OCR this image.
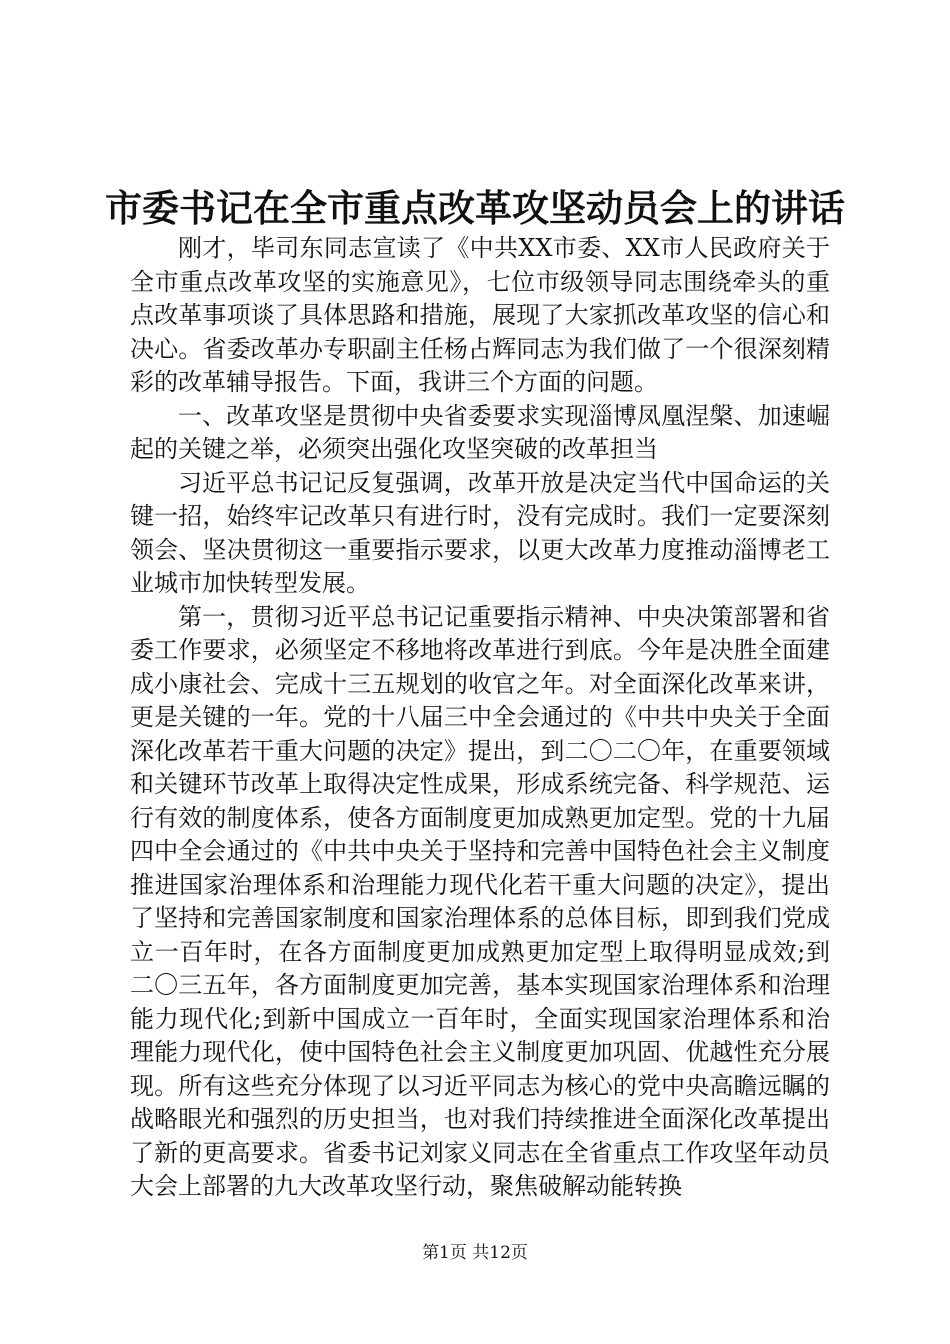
市委书记在全市重点改革攻坚动员会上的讲话

刚才，毕司东同志宣读了《中共XX市委、XX市人民政府关于全市重点改革攻坚的实施意见》，七位市级领导同志围绕牵头的重点改革事项谈了具体思路和措施，展现了大家抓改革攻坚的信心和决心。省委改革办专职副主任杨占辉同志为我们做了一个很深刻精彩的改革辅导报告。下面，我讲三个方面的问题。

一、改革攻坚是贯彻中央省委要求实现淄博凤凰涅槃、加速崛起的关键之举，必须突出强化攻坚突破的改革担当

习近平总书记记反复强调，改革开放是决定当代中国命运的关键一招，始终牢记改革只有进行时，没有完成时。我们一定要深刻领会、坚决贯彻这一重要指示要求，以更大改革力度推动淄博老工业城市加快转型发展。

第一，贯彻习近平总书记记重要指示精神、中央决策部署和省委工作要求，必须坚定不移地将改革进行到底。今年是决胜全面建成小康社会、完成十三五规划的收官之年。对全面深化改革来讲，更是关键的一年。党的十八届三中全会通过的《中共中央关于全面深化改革若干重大问题的决定》提出，到二〇二〇年，在重要领域和关键环节改革上取得决定性成果，形成系统完备、科学规范、运行有效的制度体系，使各方面制度更加成熟更加定型。党的十九届四中全会通过的《中共中央关于坚持和完善中国特色社会主义制度推进国家治理体系和治理能力现代化若干重大问题的决定》，提出了坚持和完善国家制度和国家治理体系的总体目标，即到我们党成立一百年时，在各方面制度更加成熟更加定型上取得明显成效;到二〇三五年，各方面制度更加完善，基本实现国家治理体系和治理能力现代化;到新中国成立一百年时，全面实现国家治理体系和治理能力现代化，使中国特色社会主义制度更加巩固、优越性充分展现。所有这些充分体现了以习近平同志为核心的党中央高瞻远瞩的战略眼光和强烈的历史担当，也对我们持续推进全面深化改革提出了新的更高要求。省委书记刘家义同志在全省重点工作攻坚年动员大会上部署的九大改革攻坚行动，聚焦破解动能转换

第1页 共12页
